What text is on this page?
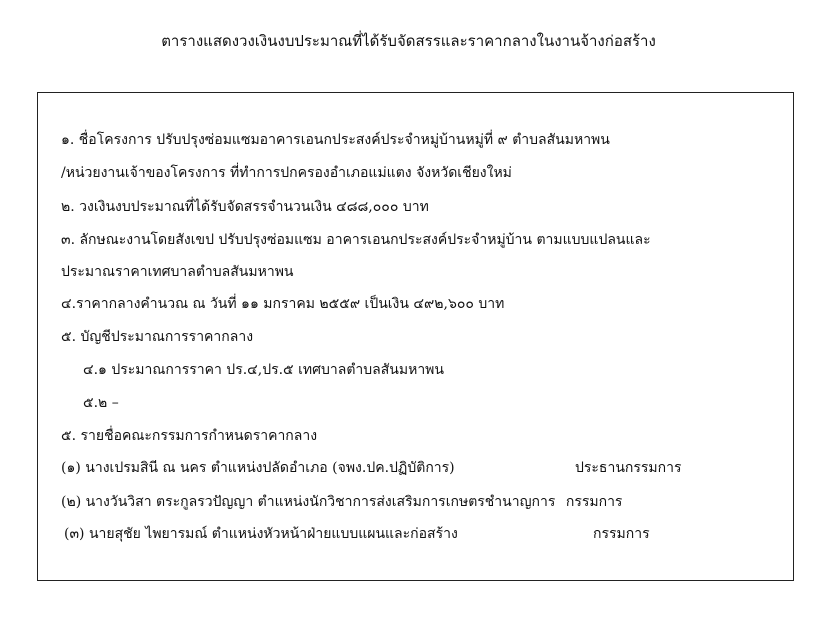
ตารางแสดงวงเงินงบประมาณที่ได้รับจัดสรรและราคากลางในงานจ้างก่อสร้าง
๑. ชื่อโครงการ ปรับปรุงซ่อมแซมอาคารเอนกประสงค์ประจำหมู่บ้านหมู่ที่ ๙ ตำบลสันมหาพน
/หน่วยงานเจ้าของโครงการ ที่ทำการปกครองอำเภอแม่แตง จังหวัดเชียงใหม่
๒. วงเงินงบประมาณที่ได้รับจัดสรรจำนวนเงิน ๔๘๘,๐๐๐ บาท
๓. ลักษณะงานโดยสังเขป ปรับปรุงซ่อมแซม อาคารเอนกประสงค์ประจำหมู่บ้าน ตามแบบแปลนและ
ประมาณราคาเทศบาลตำบลสันมหาพน
๔.ราคากลางคำนวณ ณ วันที่ ๑๑ มกราคม ๒๕๕๙ เป็นเงิน ๔๙๒,๖๐๐ บาท
๕. บัญชีประมาณการราคากลาง
๔.๑ ประมาณการราคา ปร.๔,ปร.๕ เทศบาลตำบลสันมหาพน
๕.๒ –
๕. รายชื่อคณะกรรมการกำหนดราคากลาง
(๑) นางเปรมสินี ณ นคร ตำแหน่งปลัดอำเภอ (จพง.ปค.ปฏิบัติการ)	ประธานกรรมการ
(๒) นางวันวิสา ตระกูลรวปัญญา ตำแหน่งนักวิชาการส่งเสริมการเกษตรชำนาญการ กรรมการ
(๓) นายสุชัย ไพยารมณ์ ตำแหน่งหัวหน้าฝ่ายแบบแผนและก่อสร้าง	กรรมการ
